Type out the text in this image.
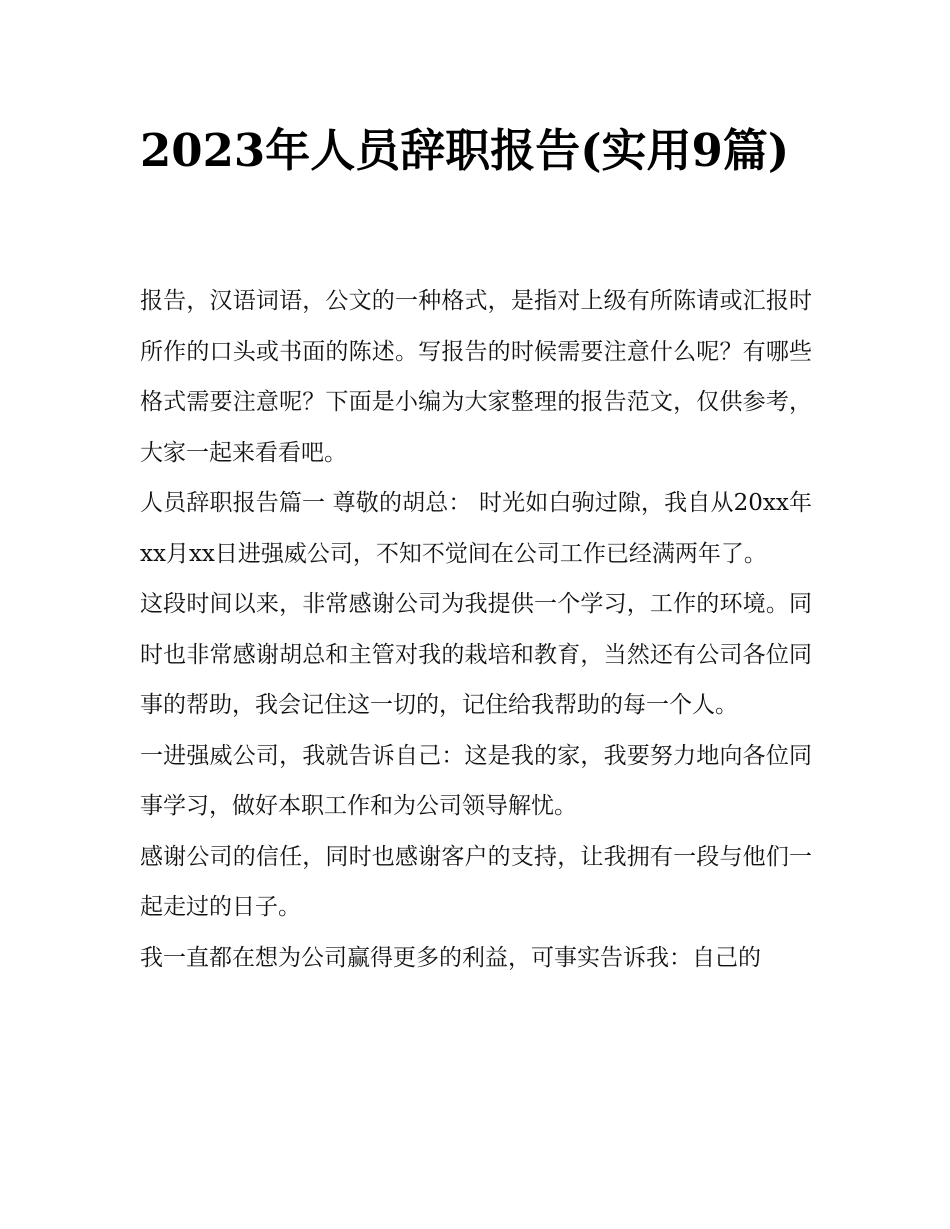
2023年人员辞职报告(实用9篇)

报告，汉语词语，公文的一种格式，是指对上级有所陈请或汇报时所作的口头或书面的陈述。写报告的时候需要注意什么呢？有哪些格式需要注意呢？下面是小编为大家整理的报告范文，仅供参考，大家一起来看看吧。

人员辞职报告篇一 尊敬的胡总： 时光如白驹过隙，我自从20xx年xx月xx日进强威公司，不知不觉间在公司工作已经满两年了。

这段时间以来，非常感谢公司为我提供一个学习，工作的环境。同时也非常感谢胡总和主管对我的栽培和教育，当然还有公司各位同事的帮助，我会记住这一切的，记住给我帮助的每一个人。

一进强威公司，我就告诉自己：这是我的家，我要努力地向各位同事学习，做好本职工作和为公司领导解忧。

感谢公司的信任，同时也感谢客户的支持，让我拥有一段与他们一起走过的日子。

我一直都在想为公司赢得更多的利益，可事实告诉我：自己的
